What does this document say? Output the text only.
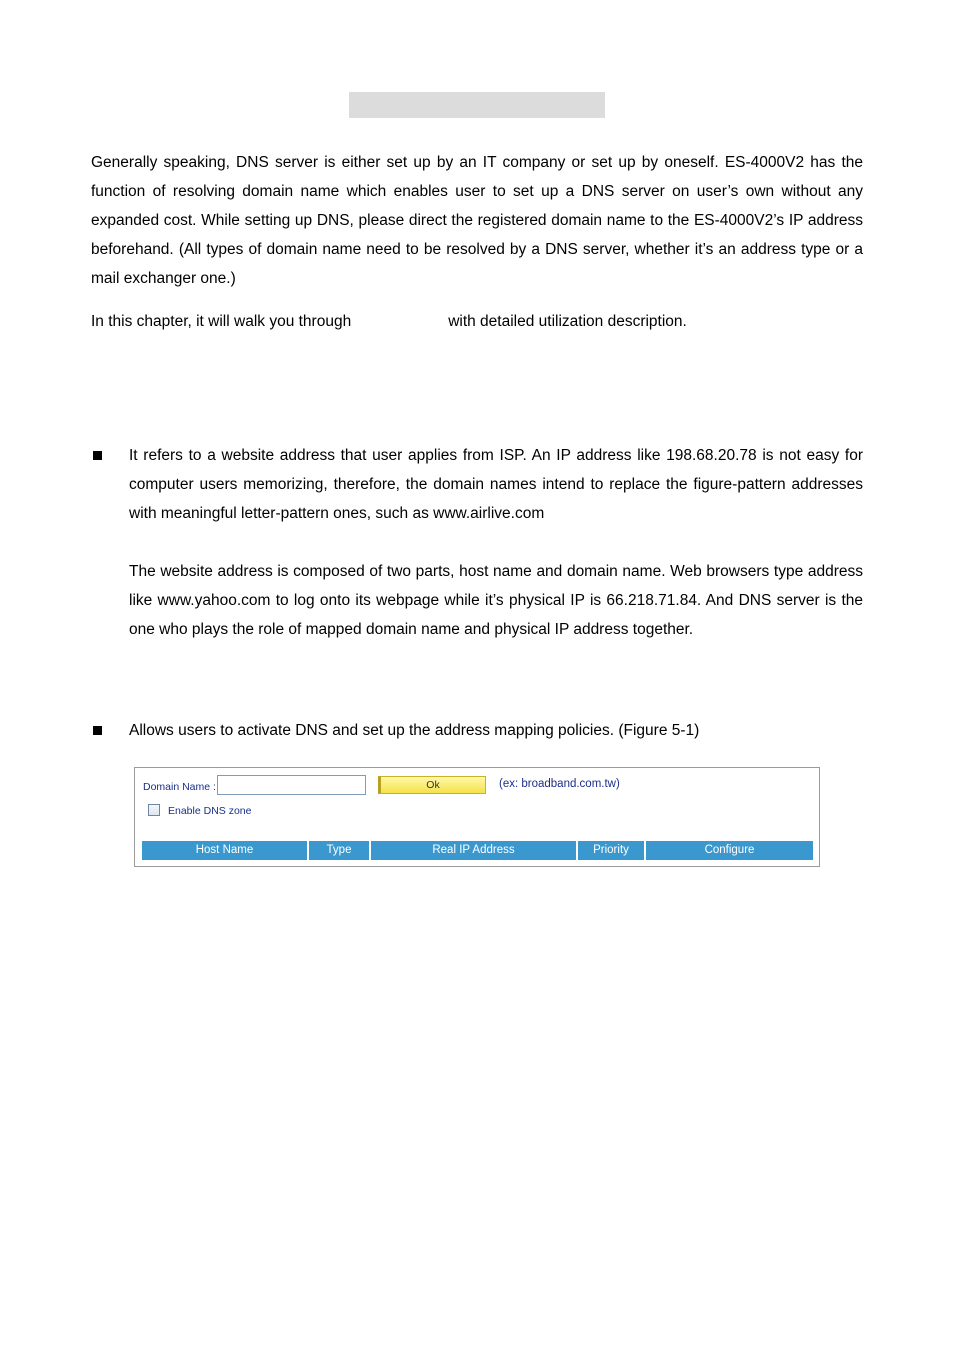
Generally speaking, DNS server is either set up by an IT company or set up by oneself. ES-4000V2 has the function of resolving domain name which enables user to set up a DNS server on user’s own without any expanded cost. While setting up DNS, please direct the registered domain name to the ES-4000V2’s IP address beforehand. (All types of domain name need to be resolved by a DNS server, whether it’s an address type or a mail exchanger one.)

In this chapter, it will walk you through	with detailed utilization description.

It refers to a website address that user applies from ISP. An IP address like 198.68.20.78 is not easy for computer users memorizing, therefore, the domain names intend to replace the figure-pattern addresses with meaningful letter-pattern ones, such as www.airlive.com

The website address is composed of two parts, host name and domain name. Web browsers type address like www.yahoo.com to log onto its webpage while it’s physical IP is 66.218.71.84. And DNS server is the one who plays the role of mapped domain name and physical IP address together.

Allows users to activate DNS and set up the address mapping policies. (Figure 5-1)

Domain Name :	Ok	(ex: broadband.com.tw)
Enable DNS zone
Host Name	Type	Real IP Address	Priority	Configure
